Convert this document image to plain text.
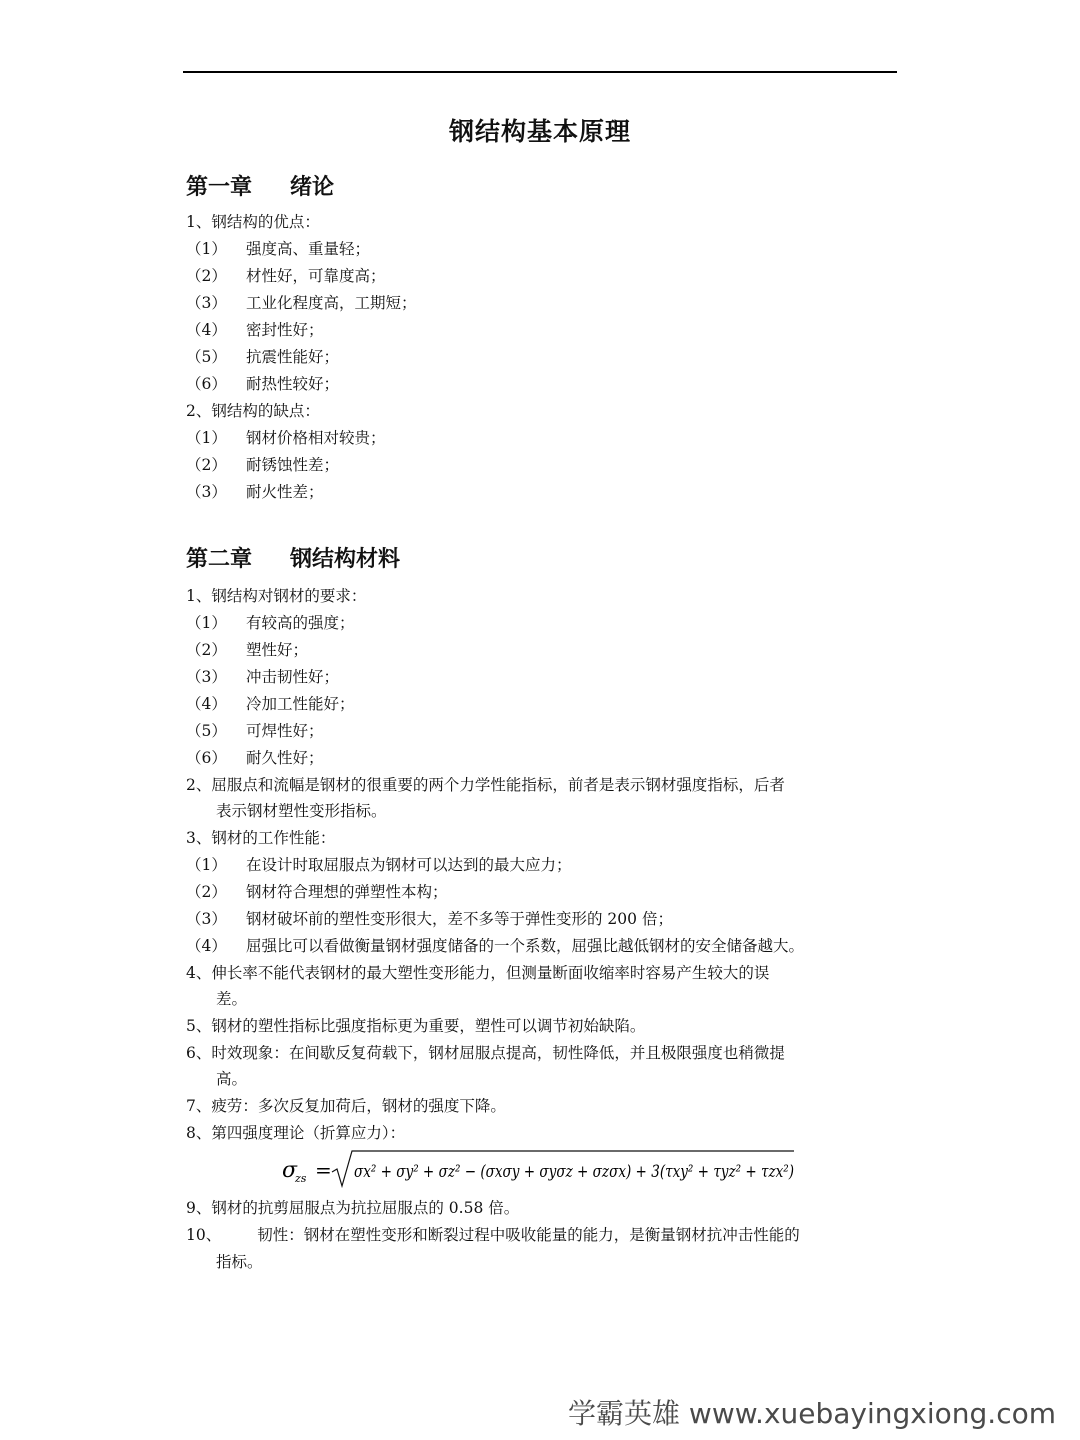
钢结构基本原理
第一章 绪论
1、钢结构的优点：
（1） 强度高、重量轻；
（2） 材性好，可靠度高；
（3） 工业化程度高，工期短；
（4） 密封性好；
（5） 抗震性能好；
（6） 耐热性较好；
2、钢结构的缺点：
（1） 钢材价格相对较贵；
（2） 耐锈蚀性差；
（3） 耐火性差；
第二章 钢结构材料
1、钢结构对钢材的要求：
（1） 有较高的强度；
（2） 塑性好；
（3） 冲击韧性好；
（4） 冷加工性能好；
（5） 可焊性好；
（6） 耐久性好；
2、屈服点和流幅是钢材的很重要的两个力学性能指标，前者是表示钢材强度指标，后者
表示钢材塑性变形指标。
3、钢材的工作性能：
（1） 在设计时取屈服点为钢材可以达到的最大应力；
（2） 钢材符合理想的弹塑性本构；
（3） 钢材破坏前的塑性变形很大，差不多等于弹性变形的 200 倍；
（4） 屈强比可以看做衡量钢材强度储备的一个系数，屈强比越低钢材的安全储备越大。
4、伸长率不能代表钢材的最大塑性变形能力，但测量断面收缩率时容易产生较大的误
差。
5、钢材的塑性指标比强度指标更为重要，塑性可以调节初始缺陷。
6、时效现象：在间歇反复荷载下，钢材屈服点提高，韧性降低，并且极限强度也稍微提
高。
7、疲劳：多次反复加荷后，钢材的强度下降。
8、第四强度理论（折算应力）：
σ
zs = σx² + σy² + σz² − (σxσy + σyσz + σzσx) + 3(τxy² + τyz² + τzx²)
9、钢材的抗剪屈服点为抗拉屈服点的 0.58 倍。
10、 韧性：钢材在塑性变形和断裂过程中吸收能量的能力，是衡量钢材抗冲击性能的
指标。
学霸英雄 www.xuebayingxiong.com
